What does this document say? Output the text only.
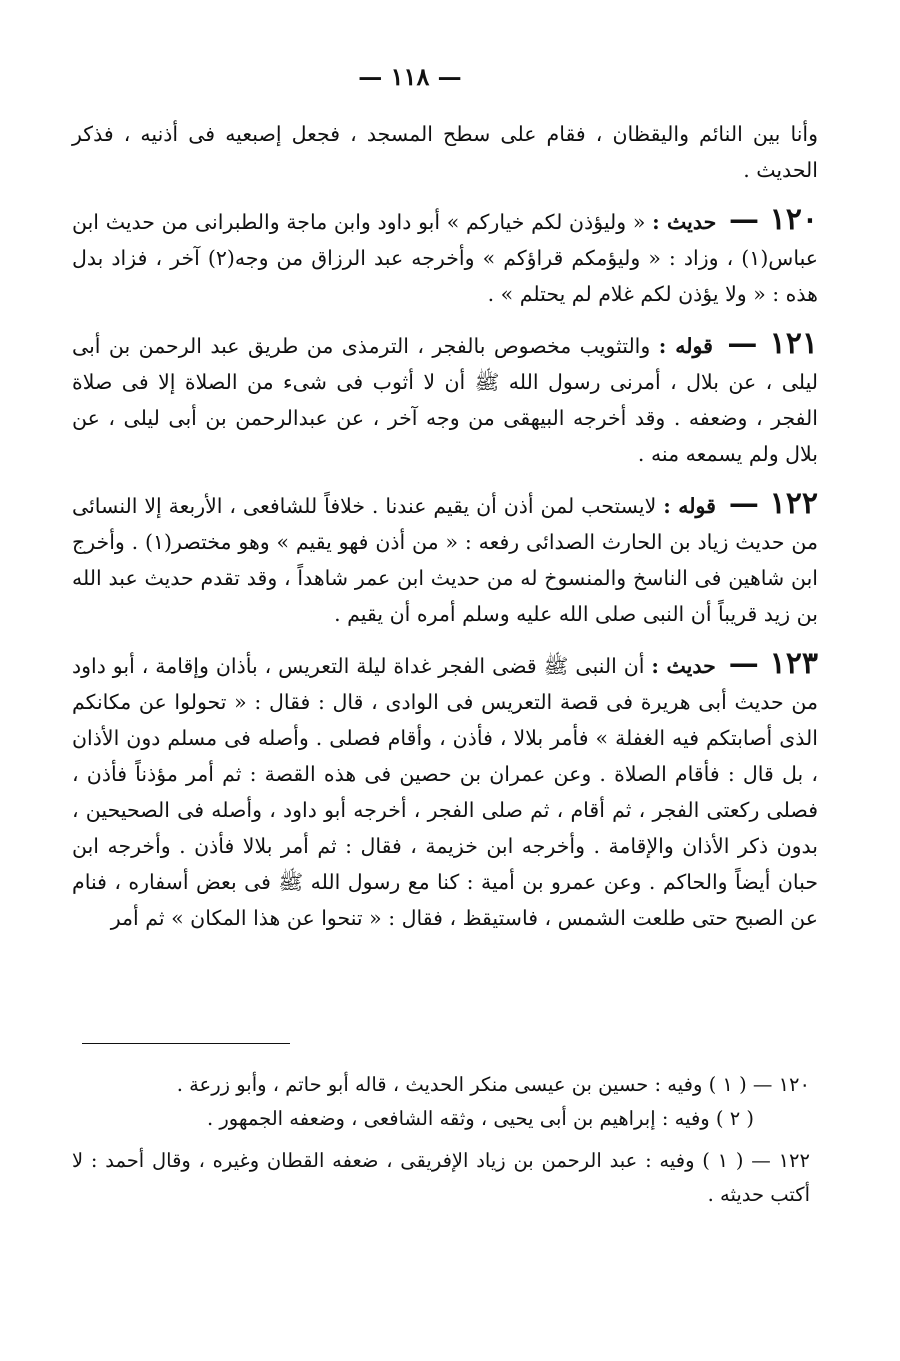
— ١١٨ —

وأنا بين النائم واليقظان ، فقام على سطح المسجد ، فجعل إصبعيه فى أذنيه ، فذكر الحديث .

١٢٠ — حديث : « وليؤذن لكم خياركم » أبو داود وابن ماجة والطبرانى من حديث ابن عباس(١) ، وزاد : « وليؤمكم قراؤكم » وأخرجه عبد الرزاق من وجه(٢) آخر ، فزاد بدل هذه : « ولا يؤذن لكم غلام لم يحتلم » .

١٢١ — قوله : والتثويب مخصوص بالفجر ، الترمذى من طريق عبد الرحمن بن أبى ليلى ، عن بلال ، أمرنى رسول الله ﷺ أن لا أثوب فى شىء من الصلاة إلا فى صلاة الفجر ، وضعفه . وقد أخرجه البيهقى من وجه آخر ، عن عبدالرحمن بن أبى ليلى ، عن بلال ولم يسمعه منه .

١٢٢ — قوله : لايستحب لمن أذن أن يقيم عندنا . خلافاً للشافعى ، الأربعة إلا النسائى من حديث زياد بن الحارث الصدائى رفعه : « من أذن فهو يقيم » وهو مختصر(١) . وأخرج ابن شاهين فى الناسخ والمنسوخ له من حديث ابن عمر شاهداً ، وقد تقدم حديث عبد الله بن زيد قريباً أن النبى صلى الله عليه وسلم أمره أن يقيم .

١٢٣ — حديث : أن النبى ﷺ قضى الفجر غداة ليلة التعريس ، بأذان وإقامة ، أبو داود من حديث أبى هريرة فى قصة التعريس فى الوادى ، قال : فقال : « تحولوا عن مكانكم الذى أصابتكم فيه الغفلة » فأمر بلالا ، فأذن ، وأقام فصلى . وأصله فى مسلم دون الأذان ، بل قال : فأقام الصلاة . وعن عمران بن حصين فى هذه القصة : ثم أمر مؤذناً فأذن ، فصلى ركعتى الفجر ، ثم أقام ، ثم صلى الفجر ، أخرجه أبو داود ، وأصله فى الصحيحين ، بدون ذكر الأذان والإقامة . وأخرجه ابن خزيمة ، فقال : ثم أمر بلالا فأذن . وأخرجه ابن حبان أيضاً والحاكم . وعن عمرو بن أمية : كنا مع رسول الله ﷺ فى بعض أسفاره ، فنام عن الصبح حتى طلعت الشمس ، فاستيقظ ، فقال : « تنحوا عن هذا المكان » ثم أمر

١٢٠ — ( ١ ) وفيه : حسين بن عيسى منكر الحديث ، قاله أبو حاتم ، وأبو زرعة .

( ٢ ) وفيه : إبراهيم بن أبى يحيى ، وثقه الشافعى ، وضعفه الجمهور .

١٢٢ — ( ١ ) وفيه : عبد الرحمن بن زياد الإفريقى ، ضعفه القطان وغيره ، وقال أحمد : لا أكتب حديثه .
